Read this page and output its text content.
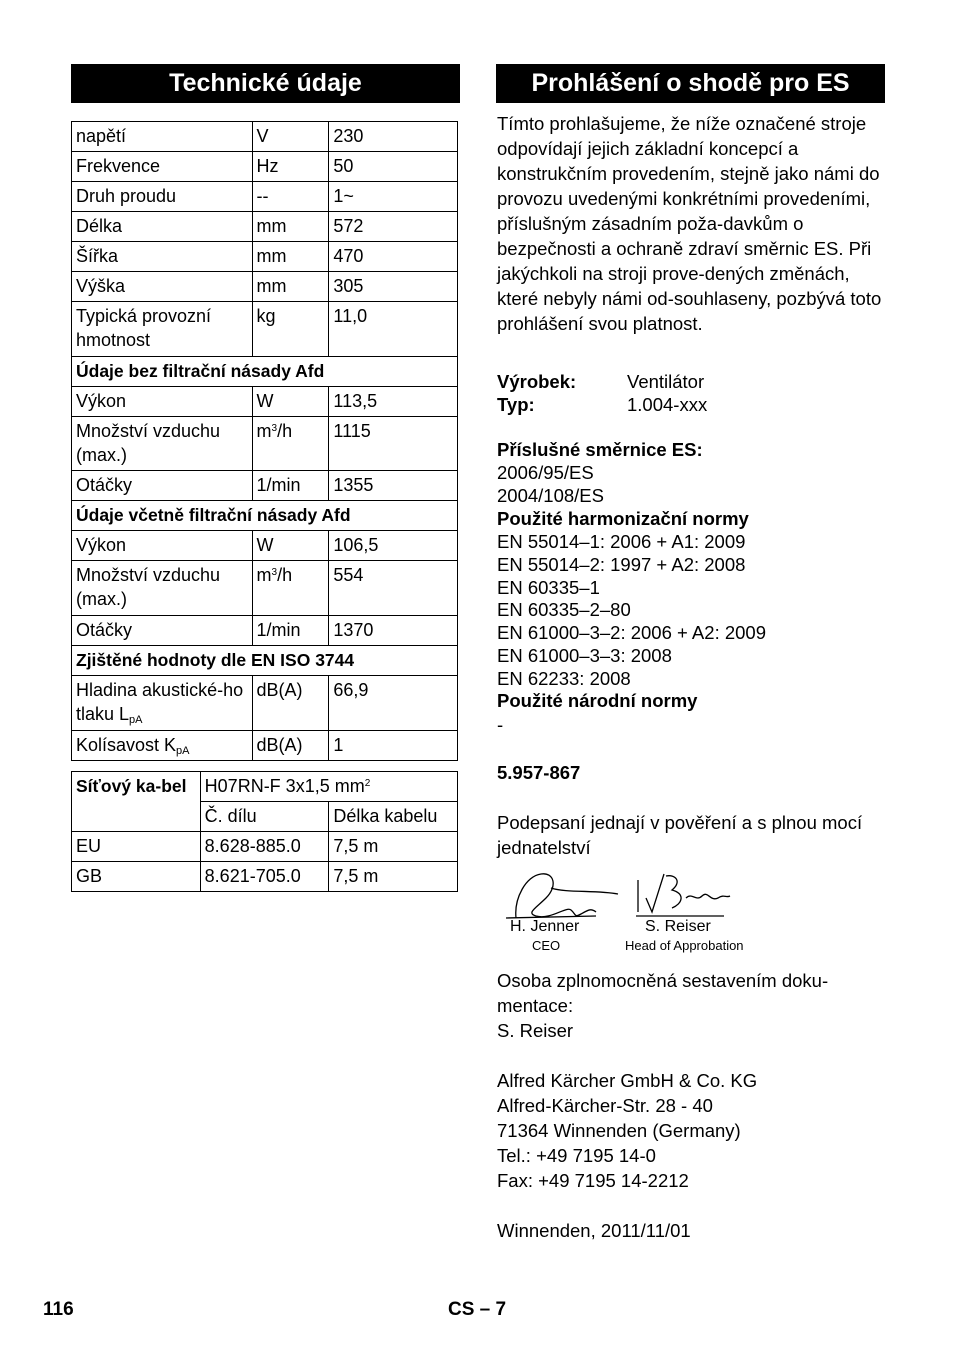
Technické údaje	Prohlášení o shodě pro ES
napětí	V	230
Frekvence	Hz	50
Druh proudu	--	1~
Délka	mm	572
Šířka	mm	470
Výška	mm	305
Typická provozní hmotnost	kg	11,0
Údaje bez filtrační násady Afd		
Výkon	W	113,5
Množství vzduchu (max.)	$m^3/h$	1115
Otáčky	1/min	1355
Údaje včetně filtrační násady Afd		
Výkon	W	106,5
Množství vzduchu (max.)	$m^3/h$	554
Otáčky	1/min	1370
Zjištěné hodnoty dle EN ISO 3744		
Hladina akustické-ho tlaku $L_{pA}$	dB(A)	66,9
Kolísavost $K_{pA}$	dB(A)	1
Síťový ka-bel	H07RN-F 3x1,5 $mm^2$
	Č. dílu	Délka kabelu
EU	8.628-885.0	7,5 m
GB	8.621-705.0	7,5 m
Tímto prohlašujeme, že níže označené stroje odpovídají jejich základní koncepcí a konstrukčním provedením, stejně jako námi do provozu uvedenými konkrétními provedeními, příslušným zásadním poža-davkům o bezpečnosti a ochraně zdraví směrnic ES. Při jakýchkoli na stroji prove-dených změnách, které nebyly námi od-souhlaseny, pozbývá toto prohlášení svou platnost.
Výrobek:	Ventilátor
Typ:	1.004-xxx
Příslušné směrnice ES:
2006/95/ES
2004/108/ES
Použité harmonizační normy
EN 55014–1: 2006 + A1: 2009
EN 55014–2: 1997 + A2: 2008
EN 60335–1
EN 60335–2–80
EN 61000–3–2: 2006 + A2: 2009
EN 61000–3–3: 2008
EN 62233: 2008
Použité národní normy
-
5.957-867
Podepsaní jednají v pověření a s plnou mocí jednatelství
H. Jenner
CEO
S. Reiser
Head of Approbation
Osoba zplnomocněná sestavením doku-mentace:
S. Reiser
Alfred Kärcher GmbH & Co. KG
Alfred-Kärcher-Str. 28 - 40
71364 Winnenden (Germany)
Tel.: +49 7195 14-0
Fax: +49 7195 14-2212
Winnenden, 2011/11/01
116	CS – 7
